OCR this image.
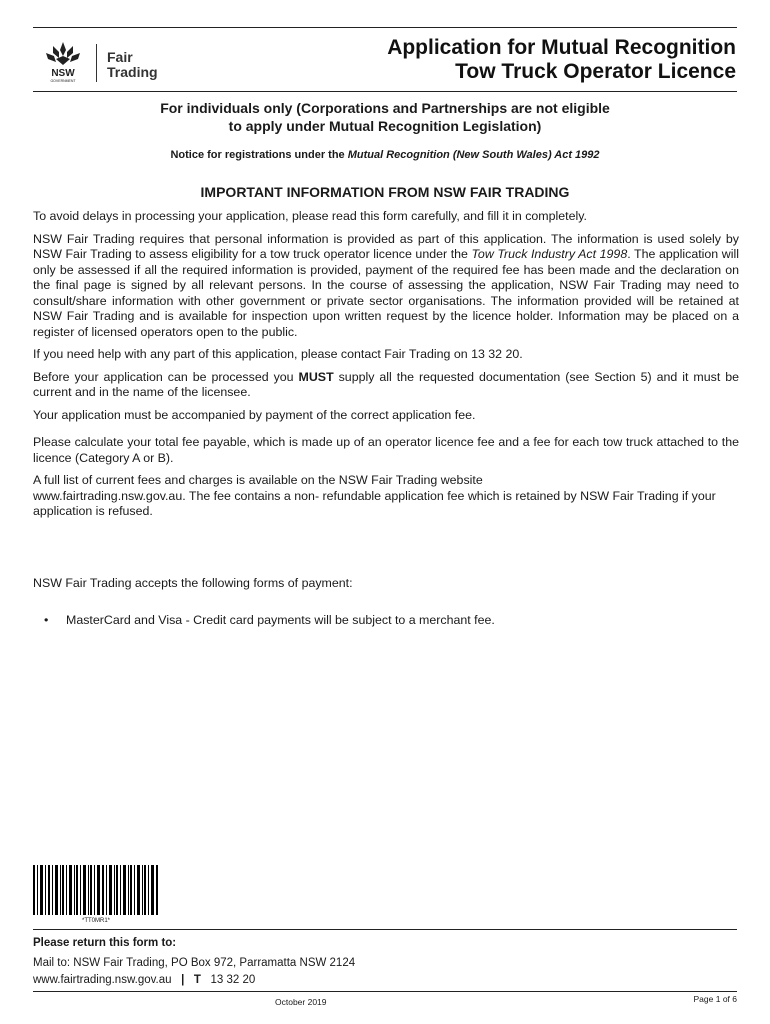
NSW
GOVERNMENT
Fair
Trading
Application for Mutual Recognition
Tow Truck Operator Licence
For individuals only (Corporations and Partnerships are not eligible
to apply under Mutual Recognition Legislation)
Notice for registrations under the Mutual Recognition (New South Wales) Act 1992
IMPORTANT INFORMATION FROM NSW FAIR TRADING

To avoid delays in processing your application, please read this form carefully, and fill it in completely.

NSW Fair Trading requires that personal information is provided as part of this application. The information is used solely by NSW Fair Trading to assess eligibility for a tow truck operator licence under the Tow Truck Industry Act 1998. The application will only be assessed if all the required information is provided, payment of the required fee has been made and the declaration on the final page is signed by all relevant persons. In the course of assessing the application, NSW Fair Trading may need to consult/share information with other government or private sector organisations. The information provided will be retained at NSW Fair Trading and is available for inspection upon written request by the licence holder. Information may be placed on a register of licensed operators open to the public.

If you need help with any part of this application, please contact Fair Trading on 13 32 20.

Before your application can be processed you MUST supply all the requested documentation (see Section 5) and it must be current and in the name of the licensee.

Your application must be accompanied by payment of the correct application fee.

Please calculate your total fee payable, which is made up of an operator licence fee and a fee for each tow truck attached to the licence (Category A or B).

A full list of current fees and charges is available on the NSW Fair Trading website
www.fairtrading.nsw.gov.au. The fee contains a non- refundable application fee which is retained by NSW Fair Trading if your application is refused.

NSW Fair Trading accepts the following forms of payment:
• MasterCard and Visa - Credit card payments will be subject to a merchant fee.
*TT0MR1*
Please return this form to:
Mail to: NSW Fair Trading, PO Box 972, Parramatta NSW 2124
www.fairtrading.nsw.gov.au | T 13 32 20
October 2019	Page 1 of 6
